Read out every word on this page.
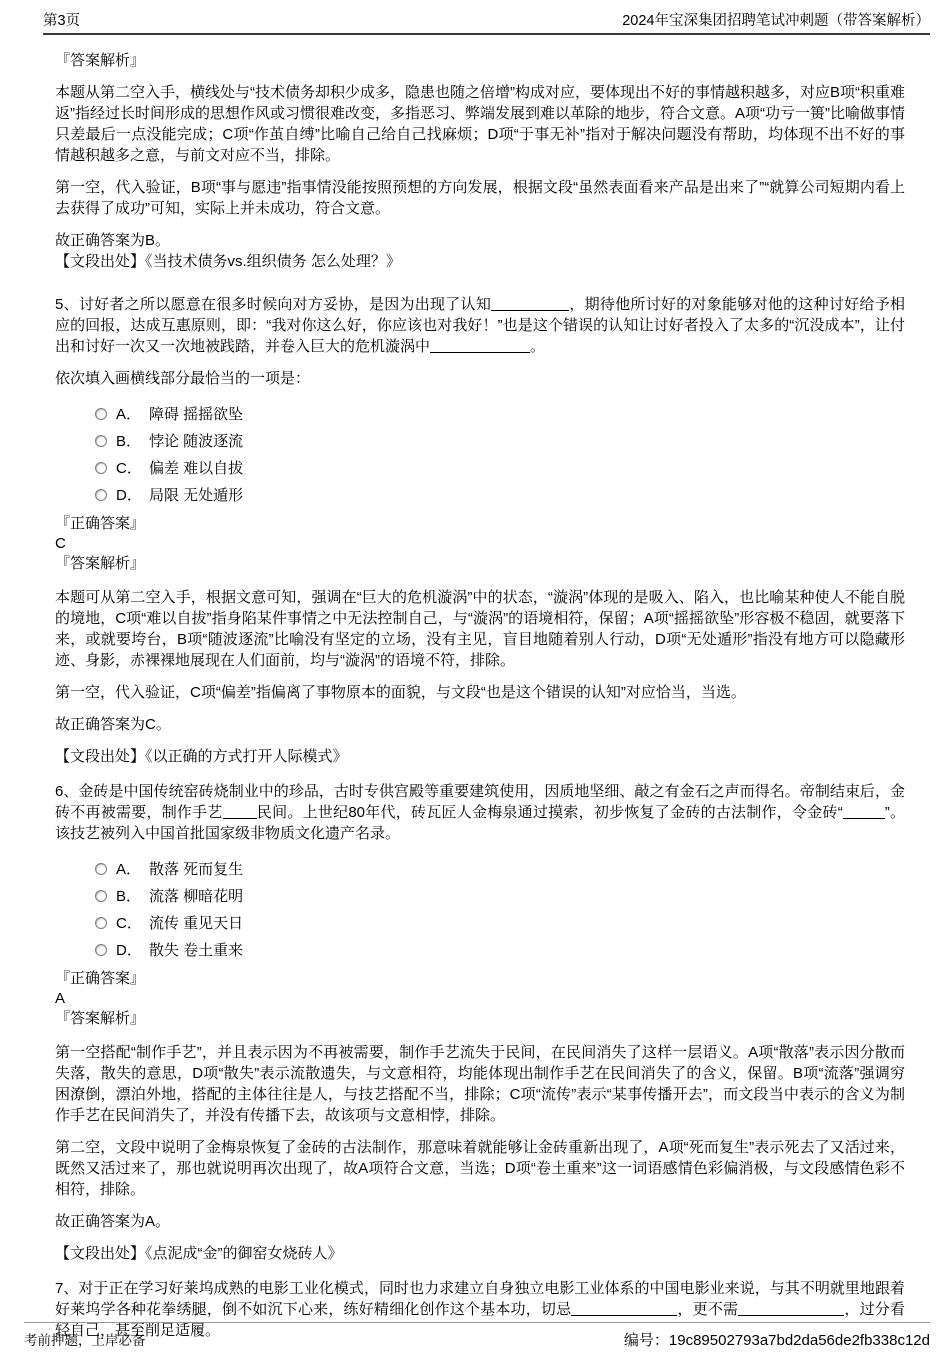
第3页	2024年宝深集团招聘笔试冲刺题（带答案解析）

『答案解析』

本题从第二空入手，横线处与“技术债务却积少成多，隐患也随之倍增”构成对应，要体现出不好的事情越积越多，对应B项“积重难返”指经过长时间形成的思想作风或习惯很难改变，多指恶习、弊端发展到难以革除的地步，符合文意。A项“功亏一篑”比喻做事情只差最后一点没能完成；C项“作茧自缚”比喻自己给自己找麻烦；D项“于事无补”指对于解决问题没有帮助，均体现不出不好的事情越积越多之意，与前文对应不当，排除。

第一空，代入验证，B项“事与愿违”指事情没能按照预想的方向发展，根据文段“虽然表面看来产品是出来了”“就算公司短期内看上去获得了成功”可知，实际上并未成功，符合文意。

故正确答案为B。

【文段出处】《当技术债务vs.组织债务 怎么处理？》

5、讨好者之所以愿意在很多时候向对方妥协，是因为出现了认知	，期待他所讨好的对象能够对他的这种讨好给予相应的回报，达成互惠原则，即：“我对你这么好，你应该也对我好！”也是这个错误的认知让讨好者投入了太多的“沉没成本”，让付出和讨好一次又一次地被践踏，并卷入巨大的危机漩涡中	。

依次填入画横线部分最恰当的一项是：

A． 障碍 摇摇欲坠
B． 悖论 随波逐流
C． 偏差 难以自拔
D． 局限 无处遁形

『正确答案』

C

『答案解析』

本题可从第二空入手，根据文意可知，强调在“巨大的危机漩涡”中的状态，“漩涡”体现的是吸入、陷入，也比喻某种使人不能自脱的境地，C项“难以自拔”指身陷某件事情之中无法控制自己，与“漩涡”的语境相符，保留；A项“摇摇欲坠”形容极不稳固，就要落下来，或就要垮台，B项“随波逐流”比喻没有坚定的立场，没有主见，盲目地随着别人行动，D项“无处遁形”指没有地方可以隐藏形迹、身影，赤裸裸地展现在人们面前，均与“漩涡”的语境不符，排除。

第一空，代入验证，C项“偏差”指偏离了事物原本的面貌，与文段“也是这个错误的认知”对应恰当，当选。

故正确答案为C。

【文段出处】《以正确的方式打开人际模式》

6、金砖是中国传统窑砖烧制业中的珍品，古时专供宫殿等重要建筑使用，因质地坚细、敲之有金石之声而得名。帝制结束后，金砖不再被需要，制作手艺 民间。上世纪80年代，砖瓦匠人金梅泉通过摸索，初步恢复了金砖的古法制作，令金砖“	”。 该技艺被列入中国首批国家级非物质文化遗产名录。

A． 散落 死而复生
B． 流落 柳暗花明
C． 流传 重见天日
D． 散失 卷土重来

『正确答案』

A

『答案解析』

第一空搭配“制作手艺”，并且表示因为不再被需要，制作手艺流失于民间，在民间消失了这样一层语义。A项“散落”表示因分散而失落，散失的意思，D项“散失”表示流散遗失，与文意相符，均能体现出制作手艺在民间消失了的含义，保留。B项“流落”强调穷困潦倒，漂泊外地，搭配的主体往往是人，与技艺搭配不当，排除；C项“流传”表示“某事传播开去”，而文段当中表示的含义为制作手艺在民间消失了，并没有传播下去，故该项与文意相悖，排除。

第二空，文段中说明了金梅泉恢复了金砖的古法制作，那意味着就能够让金砖重新出现了，A项“死而复生”表示死去了又活过来，既然又活过来了，那也就说明再次出现了，故A项符合文意，当选；D项“卷土重来”这一词语感情色彩偏消极，与文段感情色彩不相符，排除。

故正确答案为A。

【文段出处】《点泥成“金”的御窑女烧砖人》

7、对于正在学习好莱坞成熟的电影工业化模式，同时也力求建立自身独立电影工业体系的中国电影业来说，与其不明就里地跟着好莱坞学各种花拳绣腿，倒不如沉下心来，练好精细化创作这个基本功，切忌	，更不需	，过分看轻自己，甚至削足适履。

考前押题，上岸必备	编号：19c89502793a7bd2da56de2fb338c12d
